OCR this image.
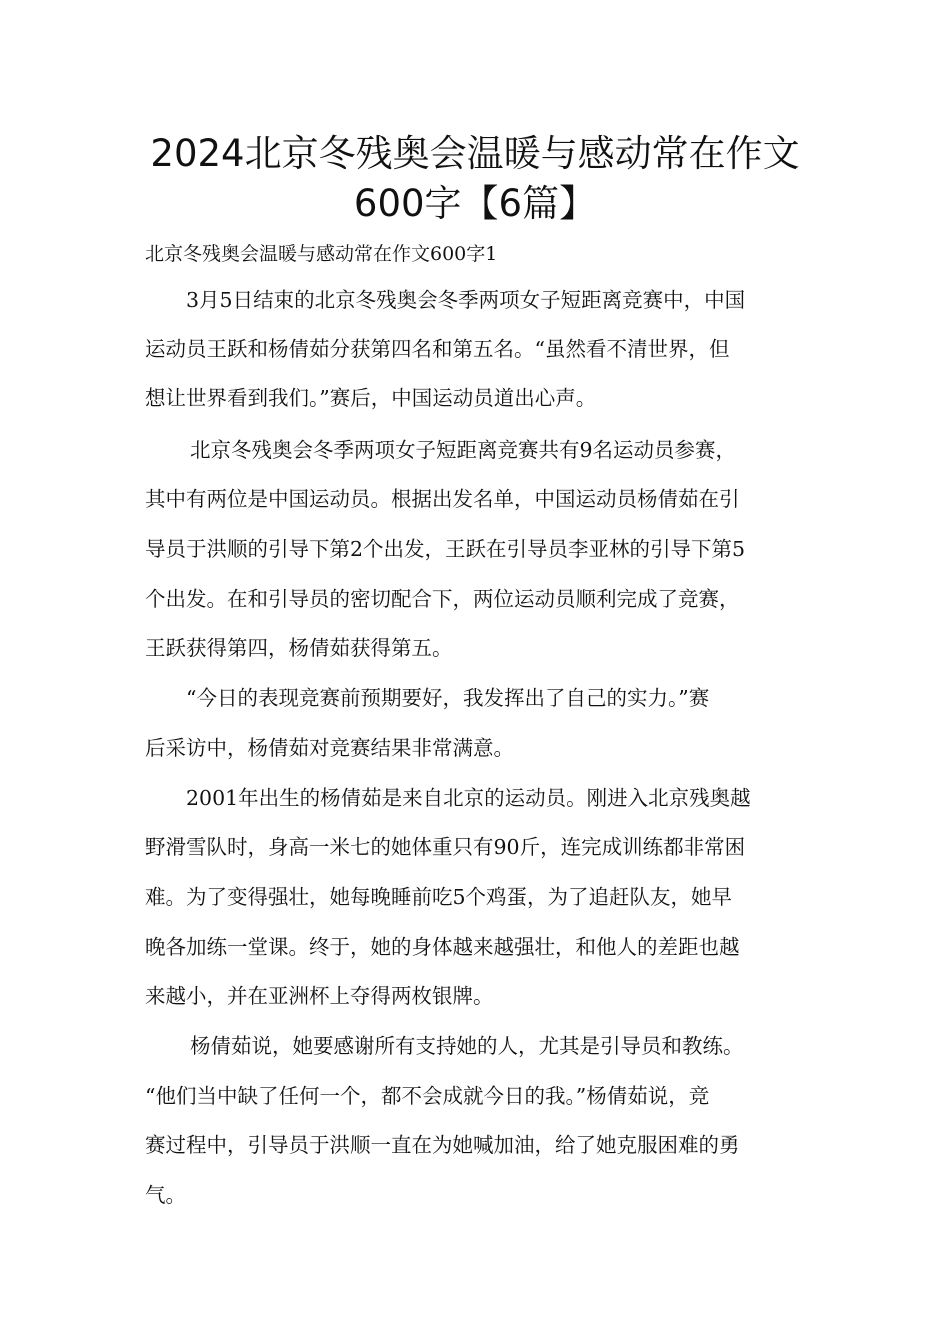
2024北京冬残奥会温暖与感动常在作文
600字【6篇】
北京冬残奥会温暖与感动常在作文600字1
3月5日结束的北京冬残奥会冬季两项女子短距离竞赛中，中国
运动员王跃和杨倩茹分获第四名和第五名。“虽然看不清世界，但
想让世界看到我们。”赛后，中国运动员道出心声。
北京冬残奥会冬季两项女子短距离竞赛共有9名运动员参赛，
其中有两位是中国运动员。根据出发名单，中国运动员杨倩茹在引
导员于洪顺的引导下第2个出发，王跃在引导员李亚林的引导下第5
个出发。在和引导员的密切配合下，两位运动员顺利完成了竞赛，
王跃获得第四，杨倩茹获得第五。
“今日的表现竞赛前预期要好，我发挥出了自己的实力。”赛
后采访中，杨倩茹对竞赛结果非常满意。
2001年出生的杨倩茹是来自北京的运动员。刚进入北京残奥越
野滑雪队时，身高一米七的她体重只有90斤，连完成训练都非常困
难。为了变得强壮，她每晚睡前吃5个鸡蛋，为了追赶队友，她早
晚各加练一堂课。终于，她的身体越来越强壮，和他人的差距也越
来越小，并在亚洲杯上夺得两枚银牌。
杨倩茹说，她要感谢所有支持她的人，尤其是引导员和教练。
“他们当中缺了任何一个，都不会成就今日的我。”杨倩茹说，竞
赛过程中，引导员于洪顺一直在为她喊加油，给了她克服困难的勇
气。
